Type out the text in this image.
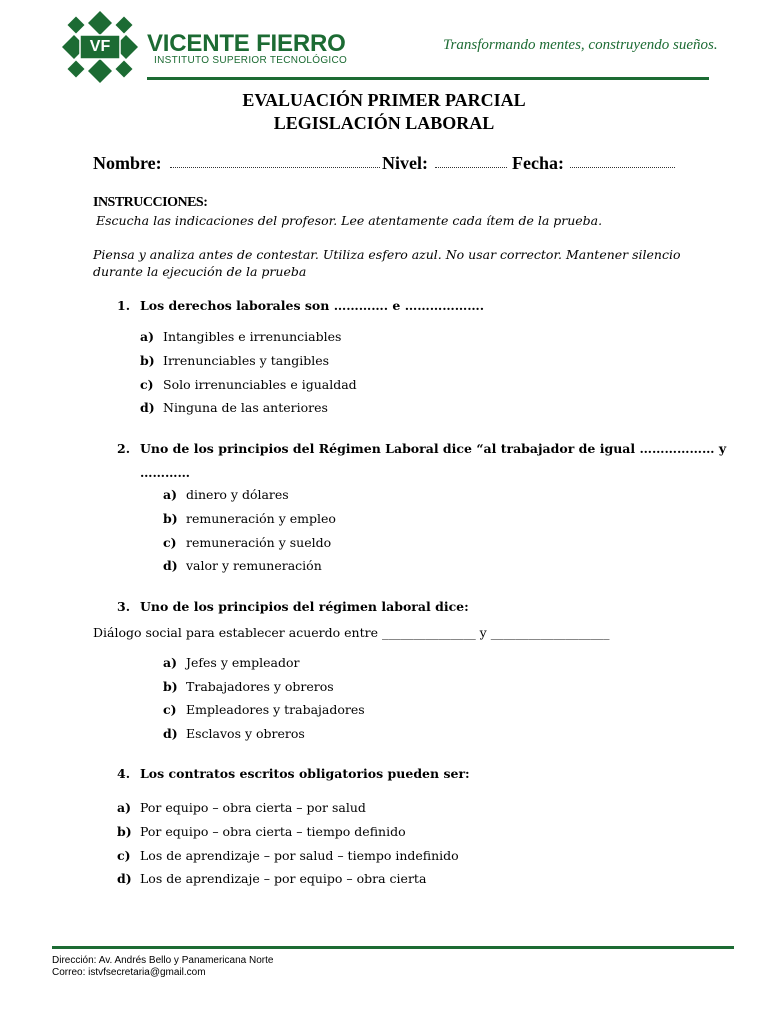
VF	VICENTE FIERRO
INSTITUTO SUPERIOR TECNOLÓGICO
Transformando mentes, construyendo sueños.
EVALUACIÓN PRIMER PARCIAL
LEGISLACIÓN LABORAL
Nombre:	Nivel:	Fecha:
INSTRUCCIONES:
Escucha las indicaciones del profesor. Lee atentamente cada ítem de la prueba.
Piensa y analiza antes de contestar. Utiliza esfero azul. No usar corrector. Mantener silencio
durante la ejecución de la prueba
1. Los derechos laborales son …………. e ……………….
a) Intangibles e irrenunciables
b) Irrenunciables y tangibles
c) Solo irrenunciables e igualdad
d) Ninguna de las anteriores
2. Uno de los principios del Régimen Laboral dice “al trabajador de igual ……………… y
…………
a) dinero y dólares
b) remuneración y empleo
c) remuneración y sueldo
d) valor y remuneración
3. Uno de los principios del régimen laboral dice:
Diálogo social para establecer acuerdo entre _______________ y ___________________
a) Jefes y empleador
b) Trabajadores y obreros
c) Empleadores y trabajadores
d) Esclavos y obreros
4. Los contratos escritos obligatorios pueden ser:
a) Por equipo – obra cierta – por salud
b) Por equipo – obra cierta – tiempo definido
c) Los de aprendizaje – por salud – tiempo indefinido
d) Los de aprendizaje – por equipo – obra cierta
Dirección: Av. Andrés Bello y Panamericana Norte
Correo: istvfsecretaria@gmail.com
